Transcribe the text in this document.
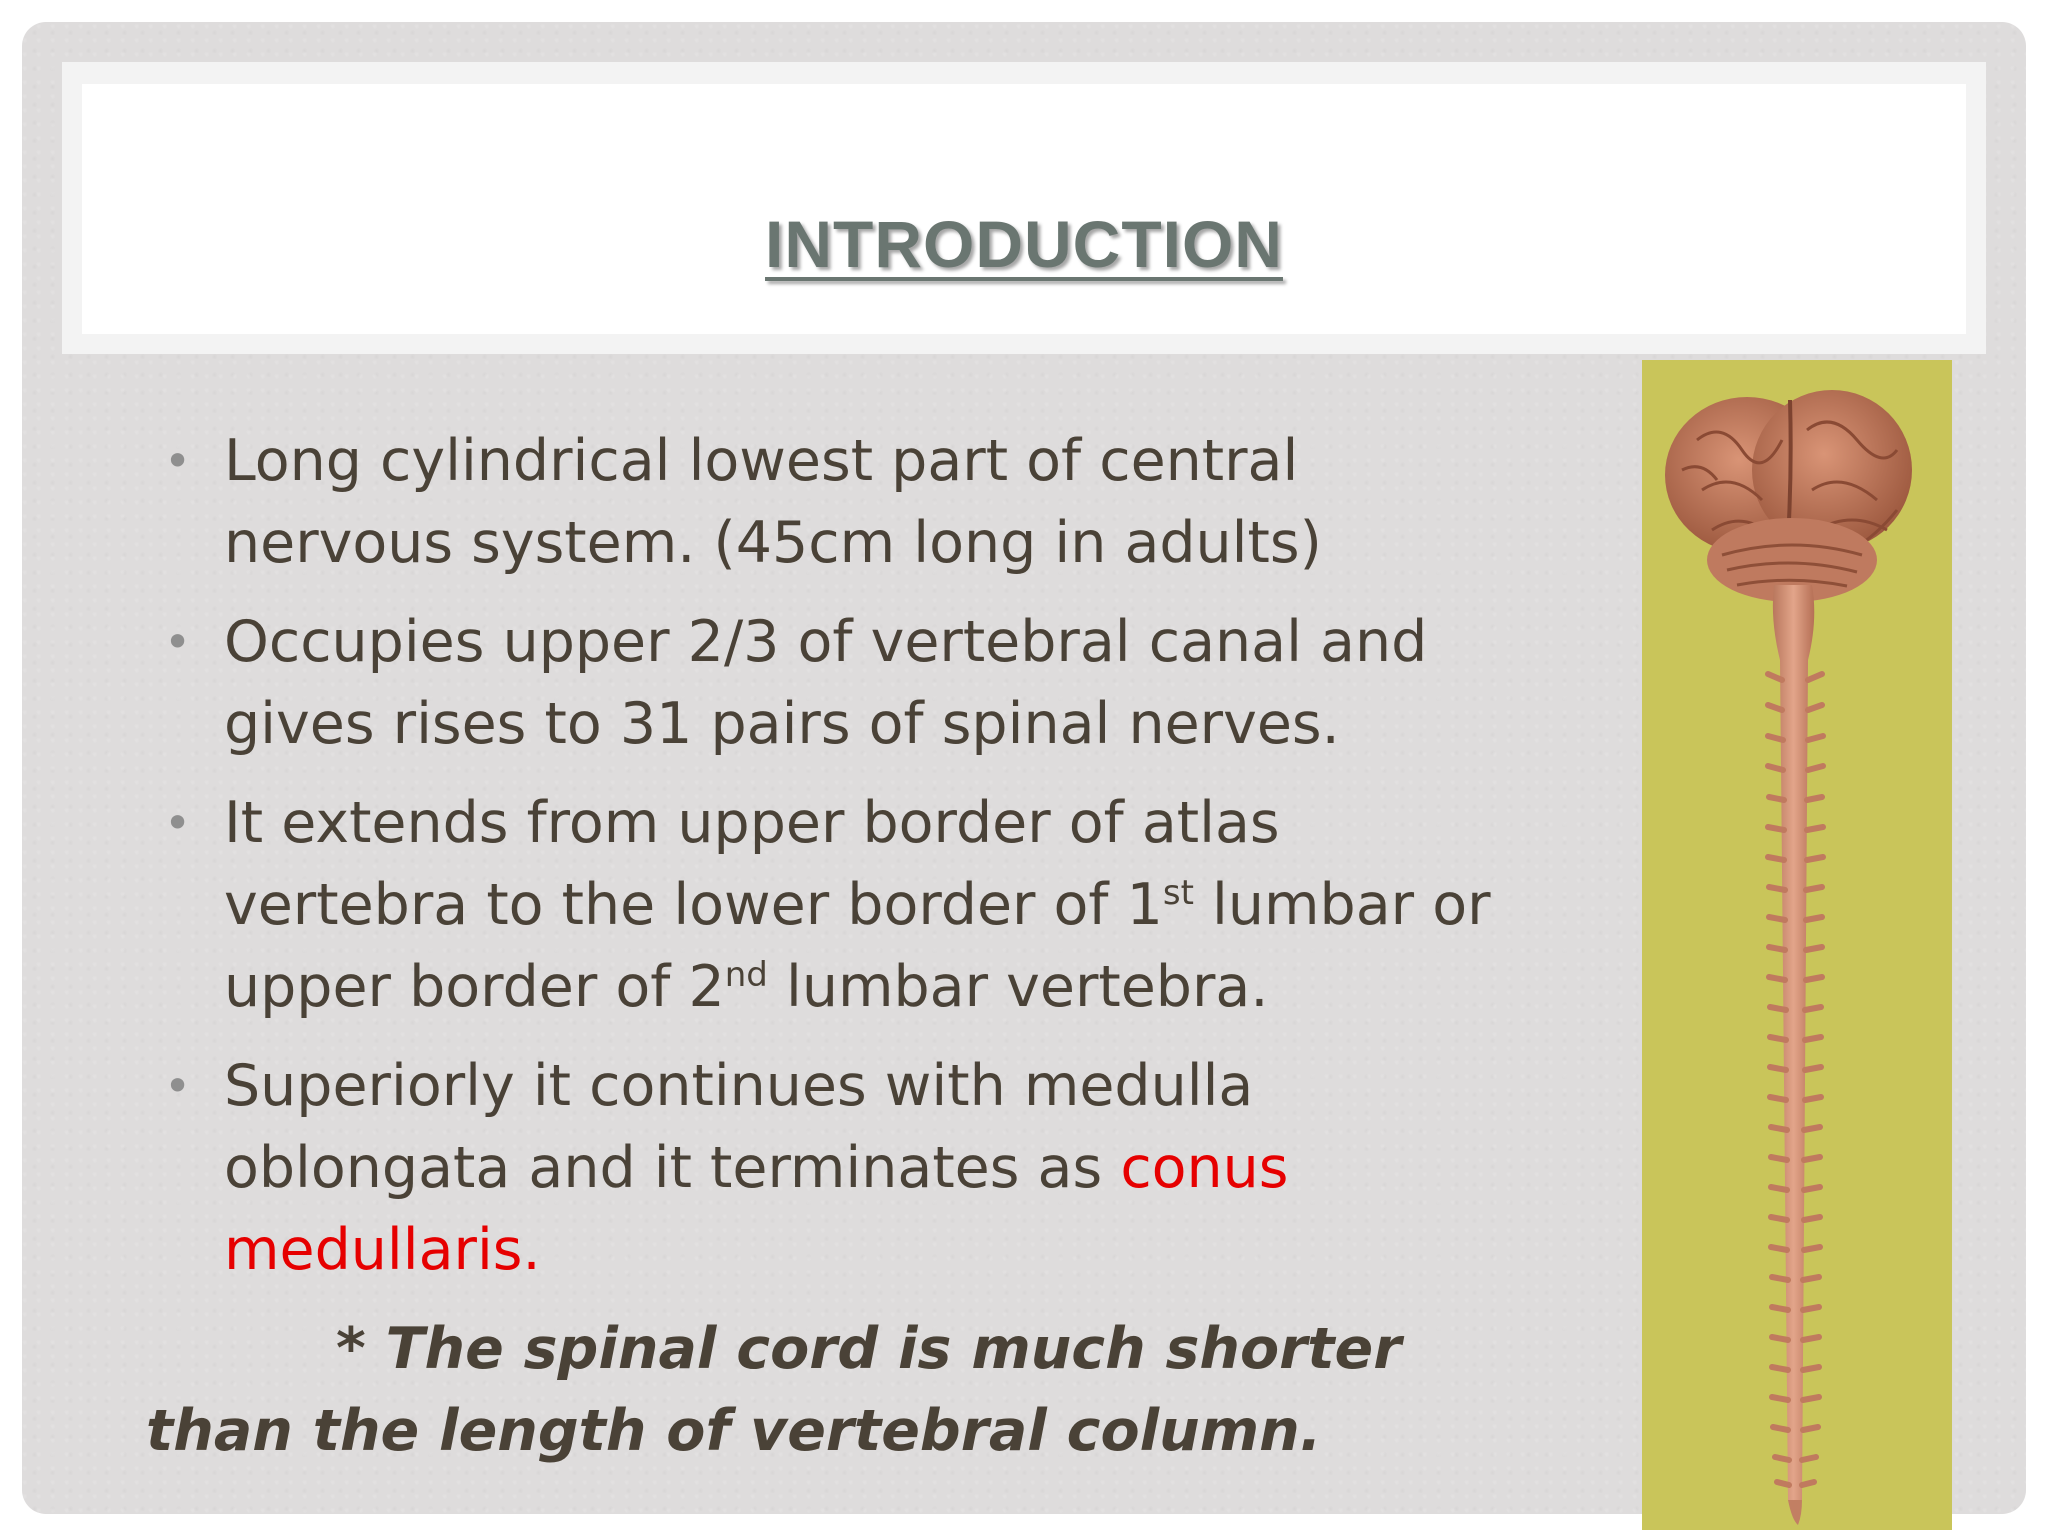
INTRODUCTION
• Long cylindrical lowest part of central nervous system. (45cm long in adults)
• Occupies upper 2/3 of vertebral canal and gives rises to 31 pairs of spinal nerves.
• It extends from upper border of atlas vertebra to the lower border of 1st lumbar or upper border of 2nd lumbar vertebra.
• Superiorly it continues with medulla oblongata and it terminates as conus medullaris.
* The spinal cord is much shorter than the length of vertebral column.
